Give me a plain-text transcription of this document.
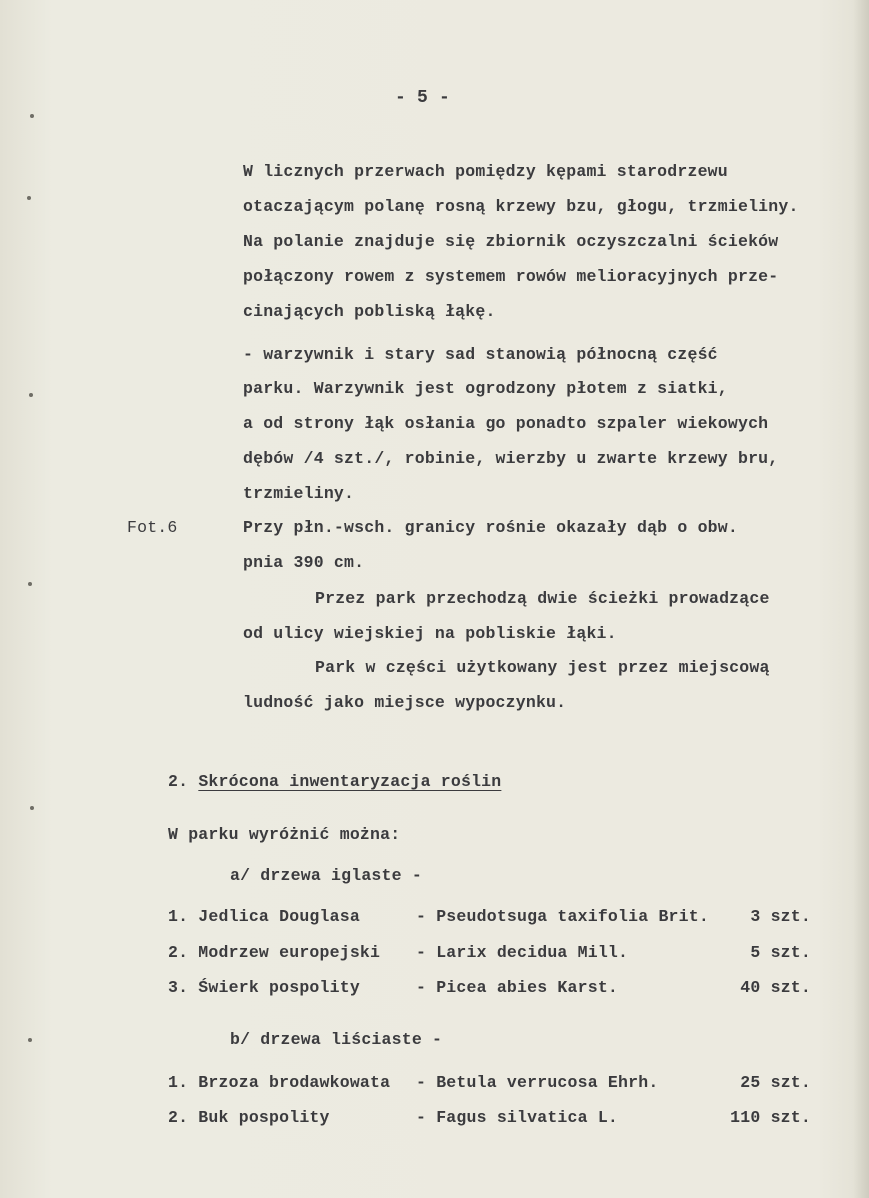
- 5 -
W licznych przerwach pomiędzy kępami starodrzewu
otaczającym polanę rosną krzewy bzu, głogu, trzmieliny.
Na polanie znajduje się zbiornik oczyszczalni ścieków
połączony rowem z systemem rowów melioracyjnych prze-
cinających pobliską łąkę.
- warzywnik i stary sad stanowią północną część
parku. Warzywnik jest ogrodzony płotem z siatki,
a od strony łąk osłania go ponadto szpaler wiekowych
dębów /4 szt./, robinie, wierzby u zwarte krzewy bru,
trzmieliny.
Fot.6	Przy płn.-wsch. granicy rośnie okazały dąb o obw.
pnia 390 cm.
Przez park przechodzą dwie ścieżki prowadzące
od ulicy wiejskiej na pobliskie łąki.
Park w części użytkowany jest przez miejscową
ludność jako miejsce wypoczynku.
2. Skrócona inwentaryzacja roślin
W parku wyróżnić można:
a/ drzewa iglaste -
1. Jedlica Douglasa	- Pseudotsuga taxifolia Brit.	3 szt.
2. Modrzew europejski - Larix decidua Mill.	5 szt.
3. Świerk pospolity	- Picea abies Karst.	40 szt.
b/ drzewa liściaste -
1. Brzoza brodawkowata - Betula verrucosa Ehrh.	25 szt.
2. Buk pospolity	- Fagus silvatica L.	110 szt.
